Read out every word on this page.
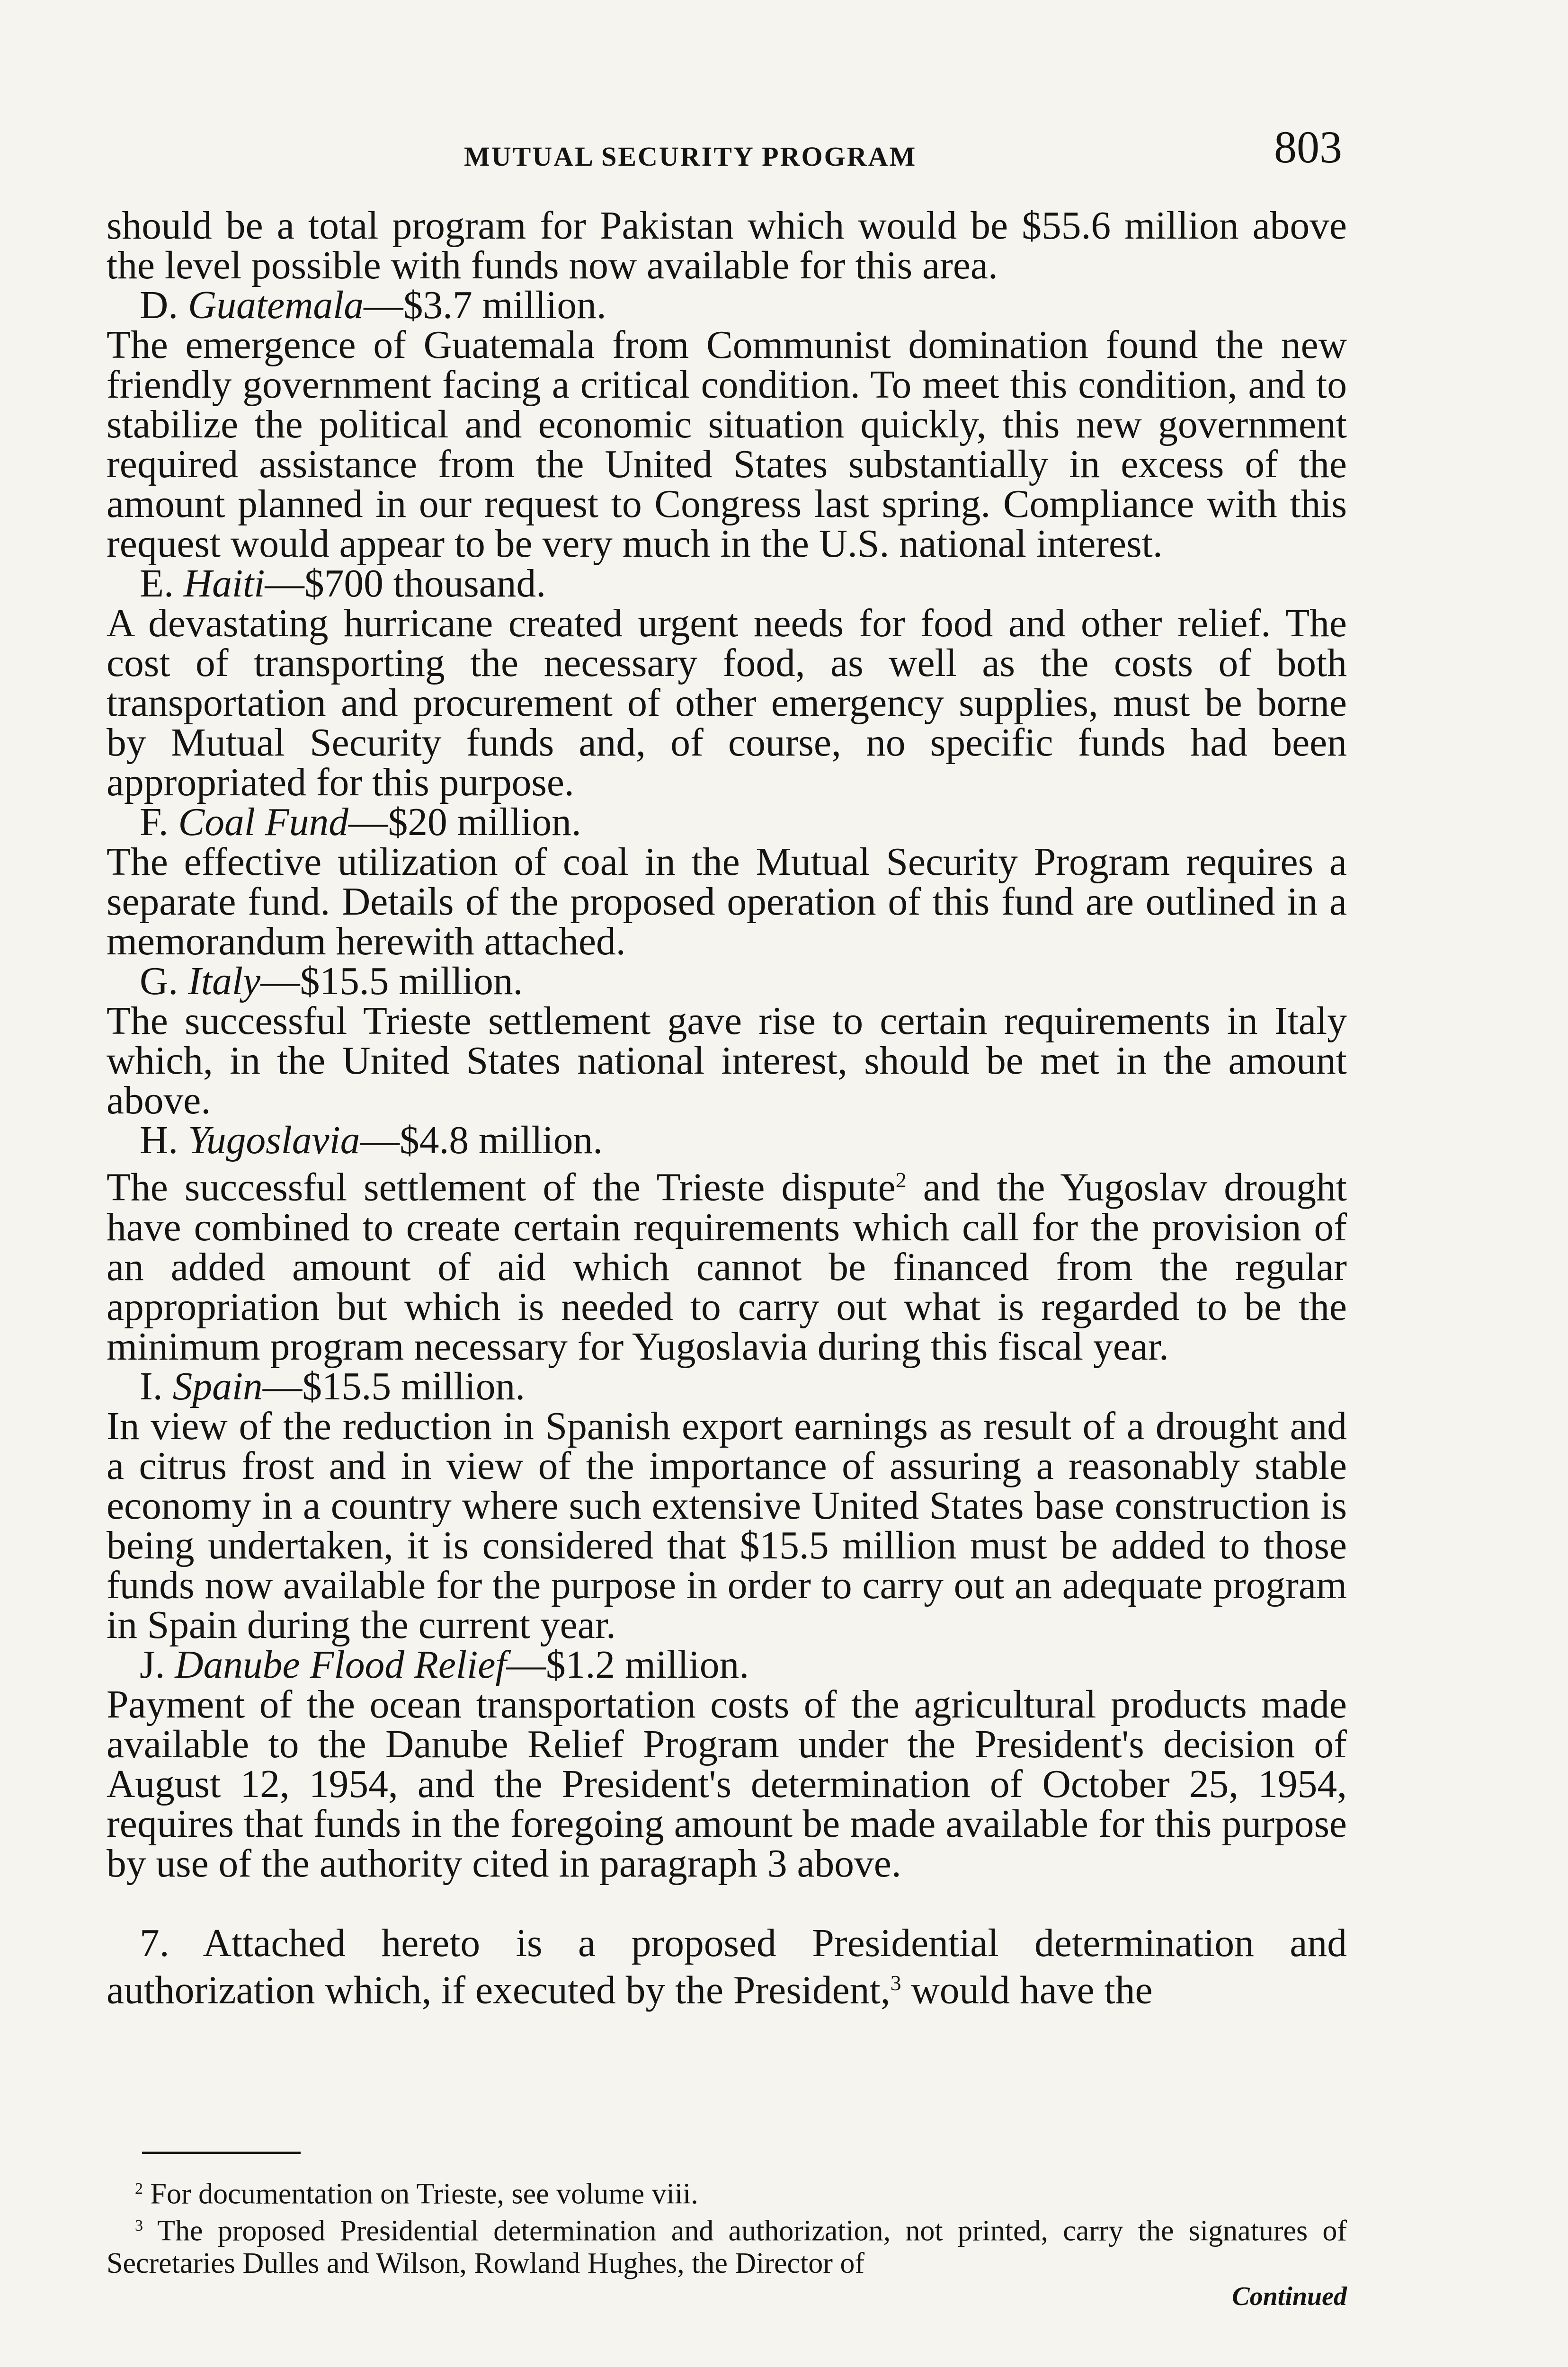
MUTUAL SECURITY PROGRAM	803

should be a total program for Pakistan which would be $55.6 million above the level possible with funds now available for this area.

D. Guatemala—$3.7 million.

The emergence of Guatemala from Communist domination found the new friendly government facing a critical condition. To meet this condition, and to stabilize the political and economic situation quickly, this new government required assistance from the United States substantially in excess of the amount planned in our request to Congress last spring. Compliance with this request would appear to be very much in the U.S. national interest.

E. Haiti—$700 thousand.

A devastating hurricane created urgent needs for food and other relief. The cost of transporting the necessary food, as well as the costs of both transportation and procurement of other emergency supplies, must be borne by Mutual Security funds and, of course, no specific funds had been appropriated for this purpose.

F. Coal Fund—$20 million.

The effective utilization of coal in the Mutual Security Program requires a separate fund. Details of the proposed operation of this fund are outlined in a memorandum herewith attached.

G. Italy—$15.5 million.

The successful Trieste settlement gave rise to certain requirements in Italy which, in the United States national interest, should be met in the amount above.

H. Yugoslavia—$4.8 million.

The successful settlement of the Trieste dispute$^2$ and the Yugoslav drought have combined to create certain requirements which call for the provision of an added amount of aid which cannot be financed from the regular appropriation but which is needed to carry out what is regarded to be the minimum program necessary for Yugoslavia during this fiscal year.

I. Spain—$15.5 million.

In view of the reduction in Spanish export earnings as result of a drought and a citrus frost and in view of the importance of assuring a reasonably stable economy in a country where such extensive United States base construction is being undertaken, it is considered that $15.5 million must be added to those funds now available for the purpose in order to carry out an adequate program in Spain during the current year.

J. Danube Flood Relief—$1.2 million.

Payment of the ocean transportation costs of the agricultural products made available to the Danube Relief Program under the President's decision of August 12, 1954, and the President's determination of October 25, 1954, requires that funds in the foregoing amount be made available for this purpose by use of the authority cited in paragraph 3 above.

7. Attached hereto is a proposed Presidential determination and authorization which, if executed by the President,$^3$ would have the

$^2$ For documentation on Trieste, see volume viii.

$^3$ The proposed Presidential determination and authorization, not printed, carry the signatures of Secretaries Dulles and Wilson, Rowland Hughes, the Director of

Continued
